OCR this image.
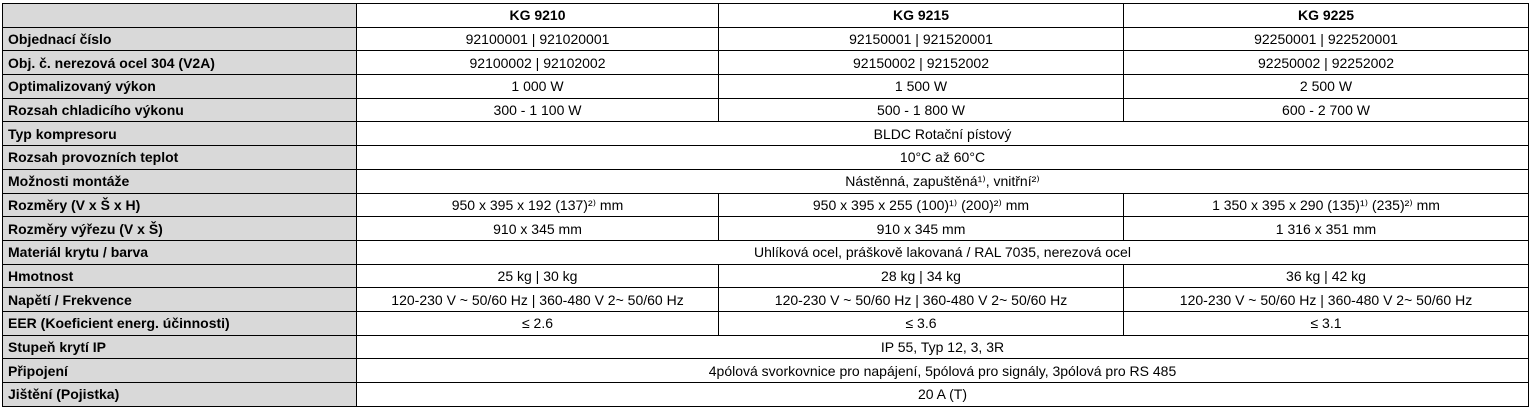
	KG 9210	KG 9215	KG 9225
Objednací číslo	92100001 | 921020001	92150001 | 921520001	92250001 | 922520001
Obj. č. nerezová ocel 304 (V2A)	92100002 | 92102002	92150002 | 92152002	92250002 | 92252002
Optimalizovaný výkon	1 000 W	1 500 W	2 500 W
Rozsah chladicího výkonu	300 - 1 100 W	500 - 1 800 W	600 - 2 700 W
Typ kompresoru	BLDC Rotační pístový		
Rozsah provozních teplot	10°C až 60°C		
Možnosti montáže	Nástěnná, zapuštěná¹⁾, vnitřní²⁾		
Rozměry (V x Š x H)	950 x 395 x 192 (137)²⁾ mm	950 x 395 x 255 (100)¹⁾ (200)²⁾ mm	1 350 x 395 x 290 (135)¹⁾ (235)²⁾ mm
Rozměry výřezu (V x Š)	910 x 345 mm	910 x 345 mm	1 316 x 351 mm
Materiál krytu / barva	Uhlíková ocel, práškově lakovaná / RAL 7035, nerezová ocel		
Hmotnost	25 kg | 30 kg	28 kg | 34 kg	36 kg | 42 kg
Napětí / Frekvence	120-230 V ~ 50/60 Hz | 360-480 V 2~ 50/60 Hz	120-230 V ~ 50/60 Hz | 360-480 V 2~ 50/60 Hz	120-230 V ~ 50/60 Hz | 360-480 V 2~ 50/60 Hz
EER (Koeficient energ. účinnosti)	≤ 2.6	≤ 3.6	≤ 3.1
Stupeň krytí IP	IP 55, Typ 12, 3, 3R		
Připojení	4pólová svorkovnice pro napájení, 5pólová pro signály, 3pólová pro RS 485		
Jištění (Pojistka)	20 A (T)		
